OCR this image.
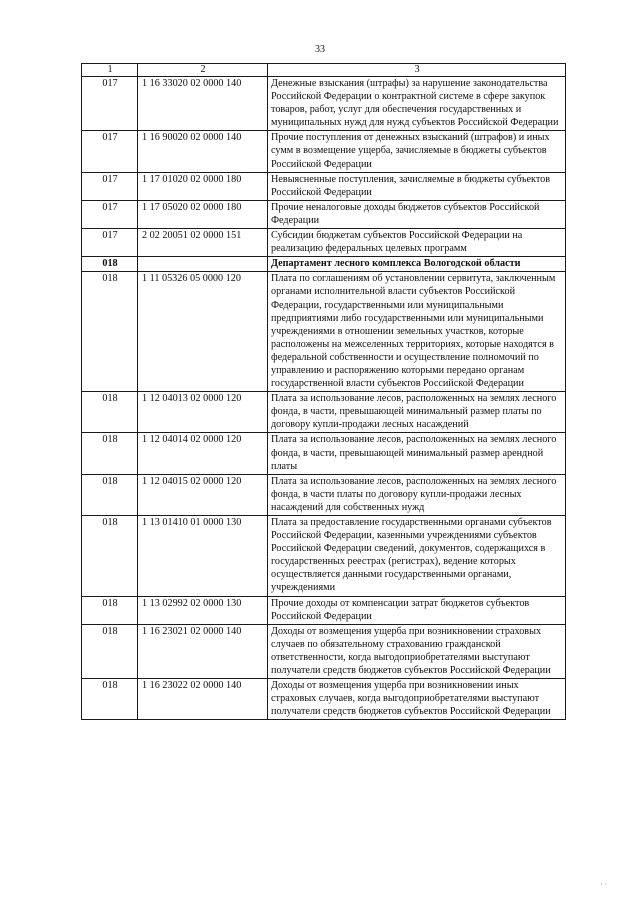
33
1	2	3
017	1 16 33020 02 0000 140	Денежные взыскания (штрафы) за нарушение законодательства Российской Федерации о контрактной системе в сфере закупок товаров, работ, услуг для обеспечения государственных и муниципальных нужд для нужд субъектов Российской Федерации
017	1 16 90020 02 0000 140	Прочие поступления от денежных взысканий (штрафов) и иных сумм в возмещение ущерба, зачисляемые в бюджеты субъектов Российской Федерации
017	1 17 01020 02 0000 180	Невыясненные поступления, зачисляемые в бюджеты субъектов Российской Федерации
017	1 17 05020 02 0000 180	Прочие неналоговые доходы бюджетов субъектов Российской Федерации
017	2 02 20051 02 0000 151	Субсидии бюджетам субъектов Российской Федерации на реализацию федеральных целевых программ
018		Департамент лесного комплекса Вологодской области
018	1 11 05326 05 0000 120	Плата по соглашениям об установлении сервитута, заключенным органами исполнительной власти субъектов Российской Федерации, государственными или муниципальными предприятиями либо государственными или муниципальными учреждениями в отношении земельных участков, которые расположены на межселенных территориях, которые находятся в федеральной собственности и осуществление полномочий по управлению и распоряжению которыми передано органам государственной власти субъектов Российской Федерации
018	1 12 04013 02 0000 120	Плата за использование лесов, расположенных на землях лесного фонда, в части, превышающей минимальный размер платы по договору купли-продажи лесных насаждений
018	1 12 04014 02 0000 120	Плата за использование лесов, расположенных на землях лесного фонда, в части, превышающей минимальный размер арендной платы
018	1 12 04015 02 0000 120	Плата за использование лесов, расположенных на землях лесного фонда, в части платы по договору купли-продажи лесных насаждений для собственных нужд
018	1 13 01410 01 0000 130	Плата за предоставление государственными органами субъектов Российской Федерации, казенными учреждениями субъектов Российской Федерации сведений, документов, содержащихся в государственных реестрах (регистрах), ведение которых осуществляется данными государственными органами, учреждениями
018	1 13 02992 02 0000 130	Прочие доходы от компенсации затрат бюджетов субъектов Российской Федерации
018	1 16 23021 02 0000 140	Доходы от возмещения ущерба при возникновении страховых случаев по обязательному страхованию гражданской ответственности, когда выгодоприобретателями выступают получатели средств бюджетов субъектов Российской Федерации
018	1 16 23022 02 0000 140	Доходы от возмещения ущерба при возникновении иных страховых случаев, когда выгодоприобретателями выступают получатели средств бюджетов субъектов Российской Федерации
· ·
